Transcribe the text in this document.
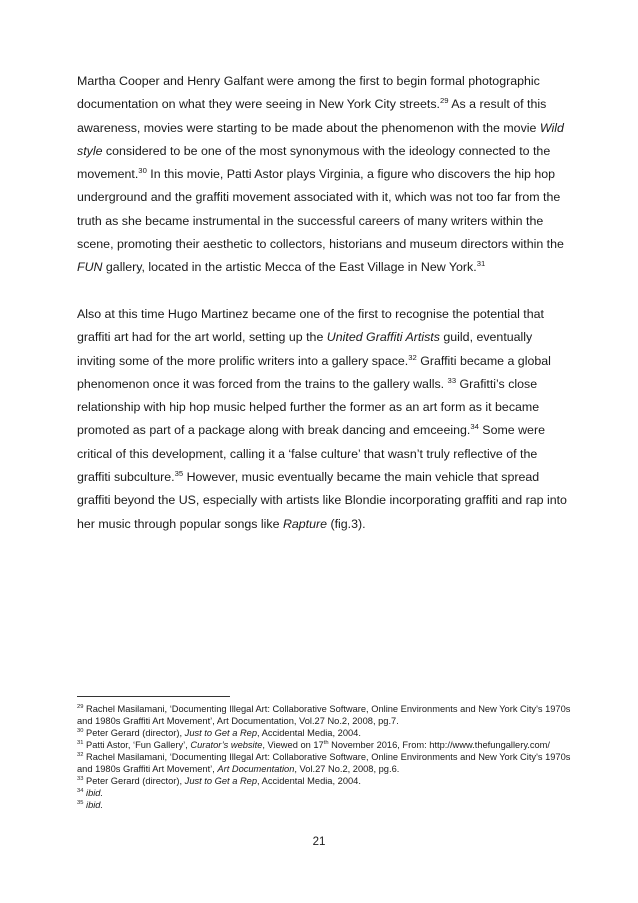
Martha Cooper and Henry Galfant were among the first to begin formal photographic documentation on what they were seeing in New York City streets.$^{29}$ As a result of this awareness, movies were starting to be made about the phenomenon with the movie Wild style considered to be one of the most synonymous with the ideology connected to the movement.$^{30}$ In this movie, Patti Astor plays Virginia, a figure who discovers the hip hop underground and the graffiti movement associated with it, which was not too far from the truth as she became instrumental in the successful careers of many writers within the scene, promoting their aesthetic to collectors, historians and museum directors within the FUN gallery, located in the artistic Mecca of the East Village in New York.$^{31}$

Also at this time Hugo Martinez became one of the first to recognise the potential that graffiti art had for the art world, setting up the United Graffiti Artists guild, eventually inviting some of the more prolific writers into a gallery space.$^{32}$ Graffiti became a global phenomenon once it was forced from the trains to the gallery walls. $^{33}$ Grafitti’s close relationship with hip hop music helped further the former as an art form as it became promoted as part of a package along with break dancing and emceeing.$^{34}$ Some were critical of this development, calling it a ‘false culture’ that wasn’t truly reflective of the graffiti subculture.$^{35}$ However, music eventually became the main vehicle that spread graffiti beyond the US, especially with artists like Blondie incorporating graffiti and rap into her music through popular songs like Rapture (fig.3).

$^{29}$ Rachel Masilamani, ‘Documenting Illegal Art: Collaborative Software, Online Environments and New York City's 1970s and 1980s Graffiti Art Movement’, Art Documentation, Vol.27 No.2, 2008, pg.7.

$^{30}$ Peter Gerard (director), Just to Get a Rep, Accidental Media, 2004.

$^{31}$ Patti Astor, ‘Fun Gallery’, Curator’s website, Viewed on 17th November 2016, From: http://www.thefungallery.com/

$^{32}$ Rachel Masilamani, ‘Documenting Illegal Art: Collaborative Software, Online Environments and New York City's 1970s and 1980s Graffiti Art Movement’, Art Documentation, Vol.27 No.2, 2008, pg.6.

$^{33}$ Peter Gerard (director), Just to Get a Rep, Accidental Media, 2004.

$^{34}$ ibid.

$^{35}$ ibid.

21
